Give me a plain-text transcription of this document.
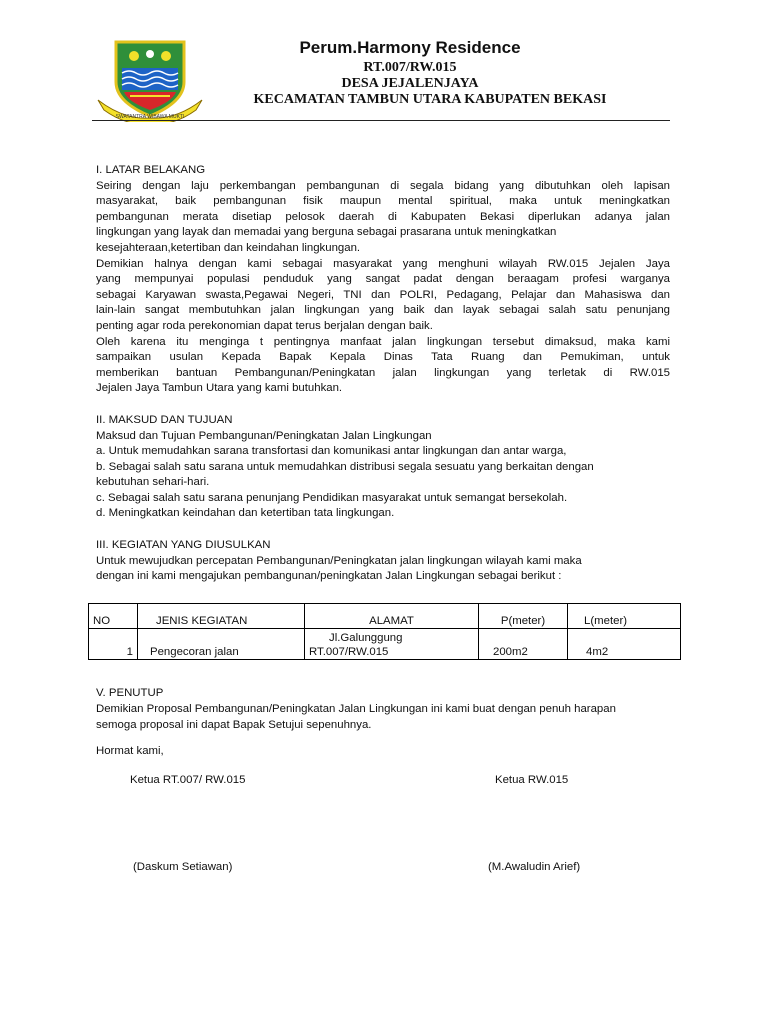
SWATANTRA WIBAWA MUKTI
Perum.Harmony Residence
RT.007/RW.015
DESA JEJALENJAYA
KECAMATAN TAMBUN UTARA KABUPATEN BEKASI

I. LATAR BELAKANG

Seiring dengan laju perkembangan pembangunan di segala bidang yang dibutuhkan oleh lapisan

masyarakat, baik pembangunan fisik maupun mental spiritual, maka untuk meningkatkan

pembangunan merata disetiap pelosok daerah di Kabupaten Bekasi diperlukan adanya jalan

lingkungan yang layak dan memadai yang berguna sebagai prasarana untuk meningkatkan

kesejahteraan,ketertiban dan keindahan lingkungan.

Demikian halnya dengan kami sebagai masyarakat yang menghuni wilayah RW.015 Jejalen Jaya

yang mempunyai populasi penduduk yang sangat padat dengan beraagam profesi warganya

sebagai Karyawan swasta,Pegawai Negeri, TNI dan POLRI, Pedagang, Pelajar dan Mahasiswa dan

lain-lain sangat membutuhkan jalan lingkungan yang baik dan layak sebagai salah satu penunjang

penting agar roda perekonomian dapat terus berjalan dengan baik.

Oleh karena itu menginga t pentingnya manfaat jalan lingkungan tersebut dimaksud, maka kami

sampaikan usulan Kepada Bapak Kepala Dinas Tata Ruang dan Pemukiman, untuk

memberikan bantuan Pembangunan/Peningkatan jalan lingkungan yang terletak di RW.015

Jejalen Jaya Tambun Utara yang kami butuhkan.

II. MAKSUD DAN TUJUAN

Maksud dan Tujuan Pembangunan/Peningkatan Jalan Lingkungan

a. Untuk memudahkan sarana transfortasi dan komunikasi antar lingkungan dan antar warga,

b. Sebagai salah satu sarana untuk memudahkan distribusi segala sesuatu yang berkaitan dengan

kebutuhan sehari-hari.

c. Sebagai salah satu sarana penunjang Pendidikan masyarakat untuk semangat bersekolah.

d. Meningkatkan keindahan dan ketertiban tata lingkungan.

III. KEGIATAN YANG DIUSULKAN

Untuk mewujudkan percepatan Pembangunan/Peningkatan jalan lingkungan wilayah kami maka

dengan ini kami mengajukan pembangunan/peningkatan Jalan Lingkungan sebagai berikut :

NO	JENIS KEGIATAN	ALAMAT	P(meter)	L(meter)
1	Pengecoran jalan	Jl.Galunggung
RT.007/RW.015	200m2	4m2

V. PENUTUP

Demikian Proposal Pembangunan/Peningkatan Jalan Lingkungan ini kami buat dengan penuh harapan

semoga proposal ini dapat Bapak Setujui sepenuhnya.

Hormat kami,
Ketua RT.007/ RW.015	Ketua RW.015
(Daskum Setiawan)	(M.Awaludin Arief)
